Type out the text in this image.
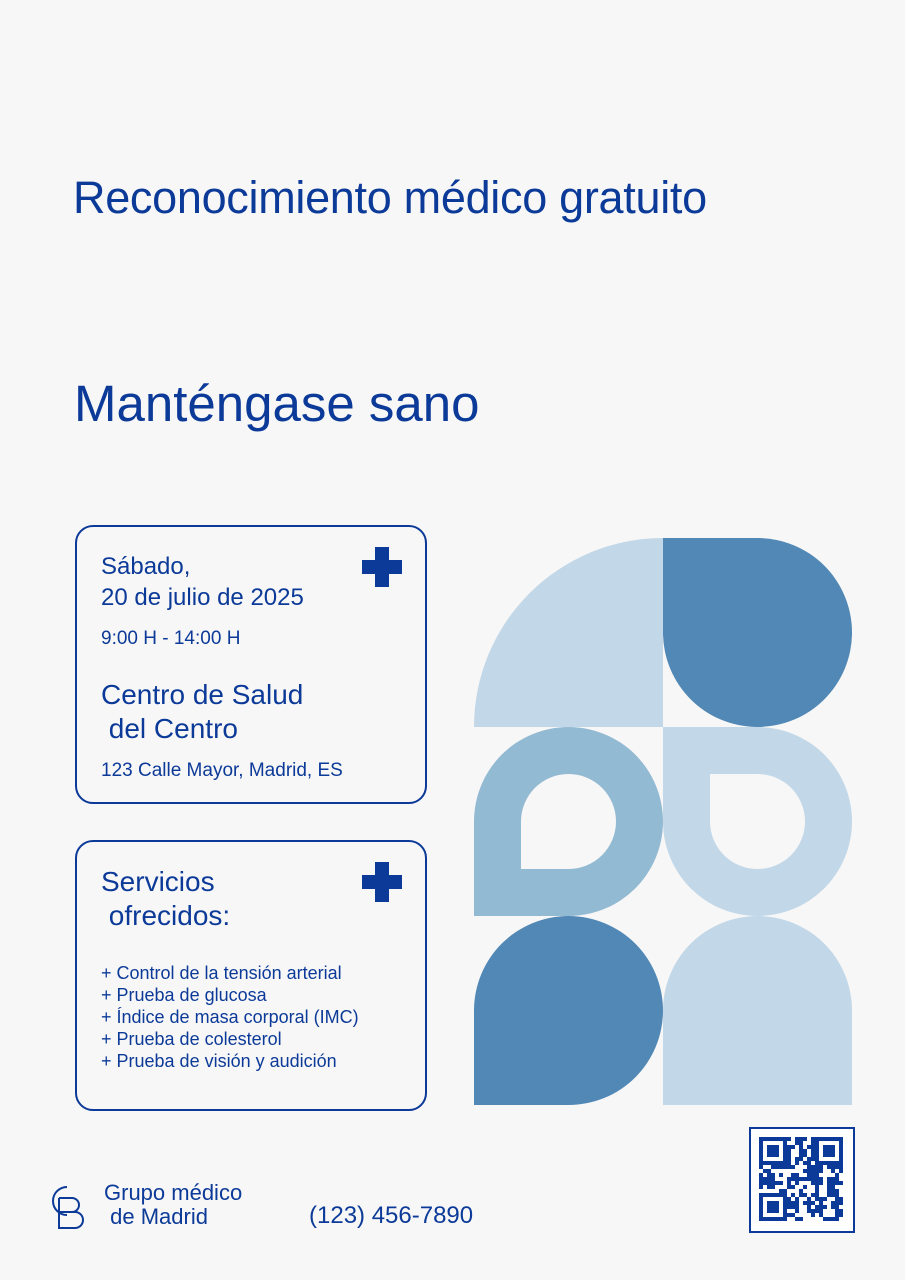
Reconocimiento médico gratuito
Manténgase sano
Sábado,
20 de julio de 2025
9:00 H - 14:00 H
Centro de Salud
del Centro
123 Calle Mayor, Madrid, ES
Servicios
ofrecidos:
+ Control de la tensión arterial
+ Prueba de glucosa
+ Índice de masa corporal (IMC)
+ Prueba de colesterol
+ Prueba de visión y audición
Grupo médico
de Madrid	(123) 456-7890
